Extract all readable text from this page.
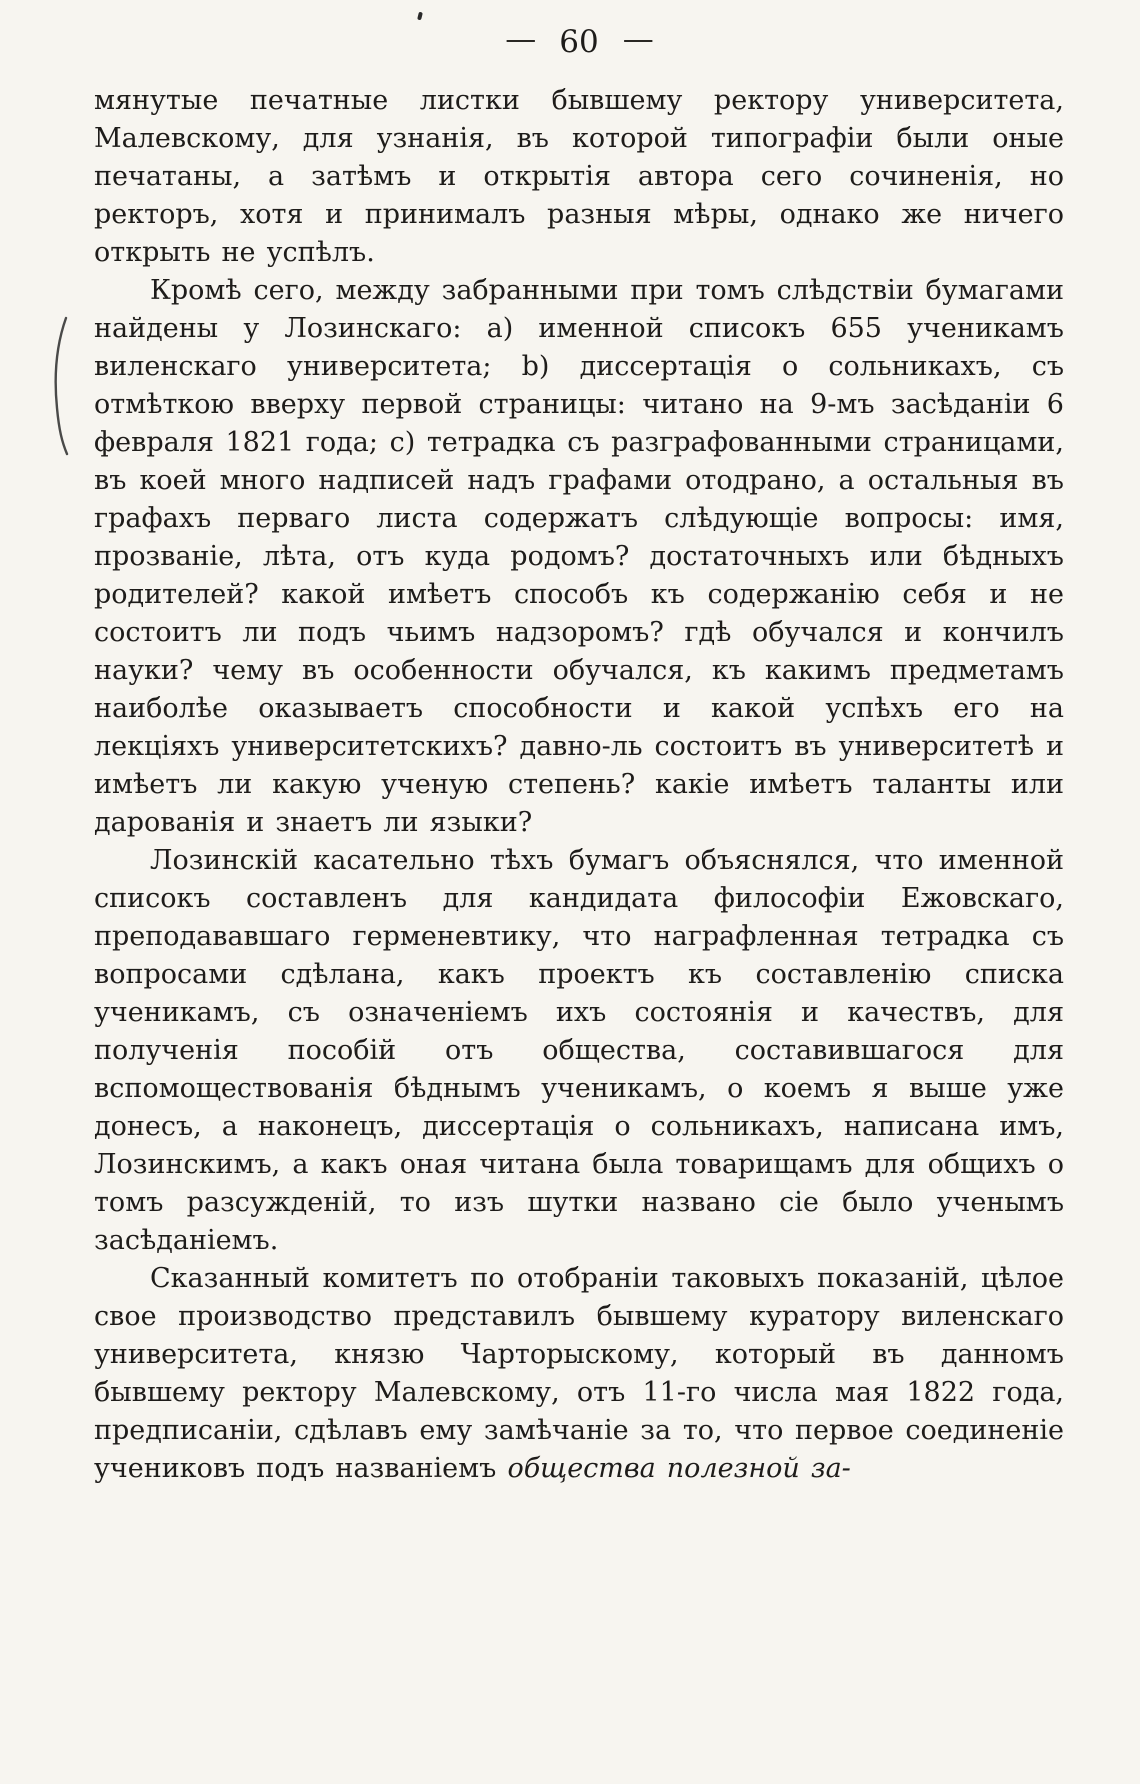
— 60 —

мянутые печатные листки бывшему ректору университета, Малевскому, для узнанія, въ которой типографіи были оные печатаны, а затѣмъ и открытія автора сего сочиненія, но ректоръ, хотя и принималъ разныя мѣры, однако же ничего открыть не успѣлъ.

Кромѣ сего, между забранными при томъ слѣдствіи бумагами найдены у Лозинскаго: а) именной списокъ 655 ученикамъ виленскаго университета; b) диссертація о сольникахъ, съ отмѣткою вверху первой страницы: читано на 9-мъ засѣданіи 6 февраля 1821 года; с) тетрадка съ разграфованными страницами, въ коей много надписей надъ графами отодрано, а остальныя въ графахъ перваго листа содержатъ слѣдующіе вопросы: имя, прозваніе, лѣта, отъ куда родомъ? достаточныхъ или бѣдныхъ родителей? какой имѣетъ способъ къ содержанію себя и не состоитъ ли подъ чьимъ надзоромъ? гдѣ обучался и кончилъ науки? чему въ особенности обучался, къ какимъ предметамъ наиболѣе оказываетъ способности и какой успѣхъ его на лекціяхъ университетскихъ? давно-ль состоитъ въ университетѣ и имѣетъ ли какую ученую степень? какіе имѣетъ таланты или дарованія и знаетъ ли языки?

Лозинскій касательно тѣхъ бумагъ объяснялся, что именной списокъ составленъ для кандидата философіи Ежовскаго, преподававшаго герменевтику, что награфленная тетрадка съ вопросами сдѣлана, какъ проектъ къ составленію списка ученикамъ, съ означеніемъ ихъ состоянія и качествъ, для полученія пособій отъ общества, составившагося для вспомоществованія бѣднымъ ученикамъ, о коемъ я выше уже донесъ, а наконецъ, диссертація о сольникахъ, написана имъ, Лозинскимъ, а какъ оная читана была товарищамъ для общихъ о томъ разсужденій, то изъ шутки названо сіе было ученымъ засѣданіемъ.

Сказанный комитетъ по отобраніи таковыхъ показаній, цѣлое свое производство представилъ бывшему куратору виленскаго университета, князю Чарторыскому, который въ данномъ бывшему ректору Малевскому, отъ 11-го числа мая 1822 года, предписаніи, сдѣлавъ ему замѣчаніе за то, что первое соединеніе учениковъ подъ названіемъ общества полезной за-
